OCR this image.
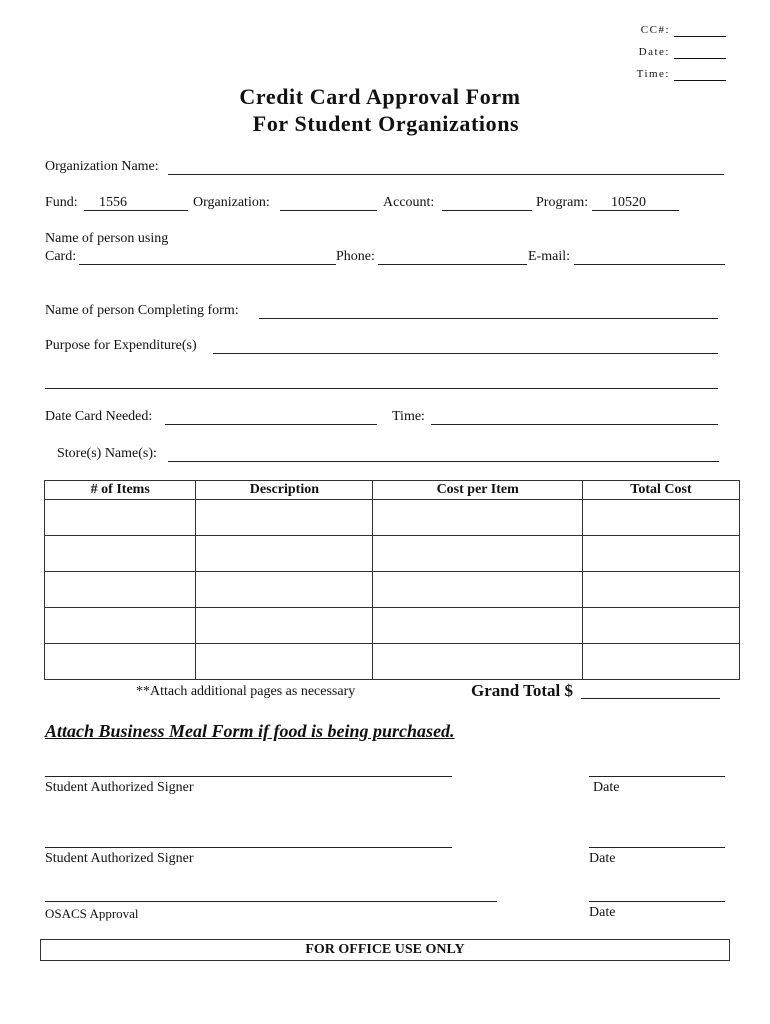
CC#:
Date:
Time:
Credit Card Approval Form
For Student Organizations
Organization Name:
Fund: 1556	Organization:	Account:	Program: 10520
Name of person using
Card:	Phone:	E-mail:
Name of person Completing form:
Purpose for Expenditure(s)
Date Card Needed:	Time:
Store(s) Name(s):
# of Items	Description	Cost per Item	Total Cost

**Attach additional pages as necessary	Grand Total $
Attach Business Meal Form if food is being purchased.
Student Authorized Signer	Date
Student Authorized Signer	Date
OSACS Approval	Date
FOR OFFICE USE ONLY
